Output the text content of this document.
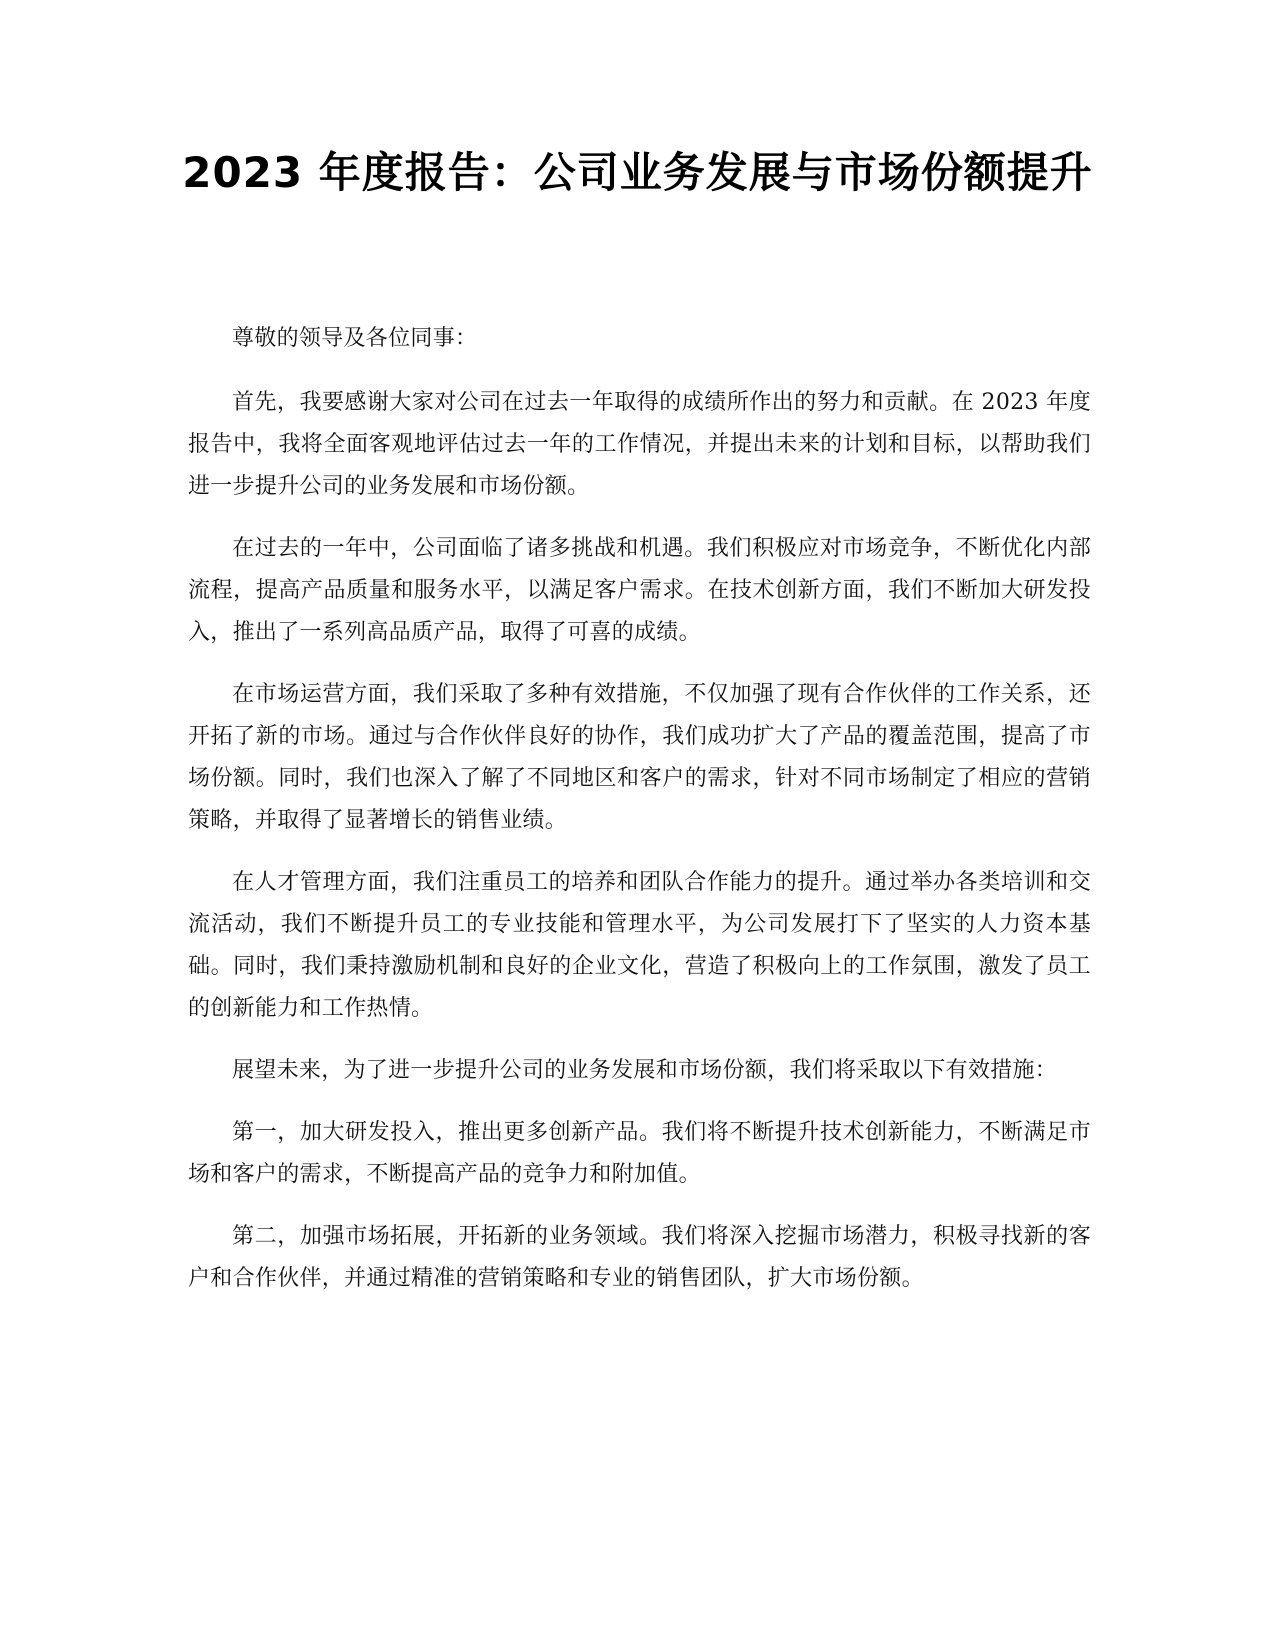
2023 年度报告：公司业务发展与市场份额提升

尊敬的领导及各位同事：

首先，我要感谢大家对公司在过去一年取得的成绩所作出的努力和贡献。在 2023 年度报告中，我将全面客观地评估过去一年的工作情况，并提出未来的计划和目标，以帮助我们进一步提升公司的业务发展和市场份额。

在过去的一年中，公司面临了诸多挑战和机遇。我们积极应对市场竞争，不断优化内部流程，提高产品质量和服务水平，以满足客户需求。在技术创新方面，我们不断加大研发投入，推出了一系列高品质产品，取得了可喜的成绩。

在市场运营方面，我们采取了多种有效措施，不仅加强了现有合作伙伴的工作关系，还开拓了新的市场。通过与合作伙伴良好的协作，我们成功扩大了产品的覆盖范围，提高了市场份额。同时，我们也深入了解了不同地区和客户的需求，针对不同市场制定了相应的营销策略，并取得了显著增长的销售业绩。

在人才管理方面，我们注重员工的培养和团队合作能力的提升。通过举办各类培训和交流活动，我们不断提升员工的专业技能和管理水平，为公司发展打下了坚实的人力资本基础。同时，我们秉持激励机制和良好的企业文化，营造了积极向上的工作氛围，激发了员工的创新能力和工作热情。

展望未来，为了进一步提升公司的业务发展和市场份额，我们将采取以下有效措施：

第一，加大研发投入，推出更多创新产品。我们将不断提升技术创新能力，不断满足市场和客户的需求，不断提高产品的竞争力和附加值。

第二，加强市场拓展，开拓新的业务领域。我们将深入挖掘市场潜力，积极寻找新的客户和合作伙伴，并通过精准的营销策略和专业的销售团队，扩大市场份额。
